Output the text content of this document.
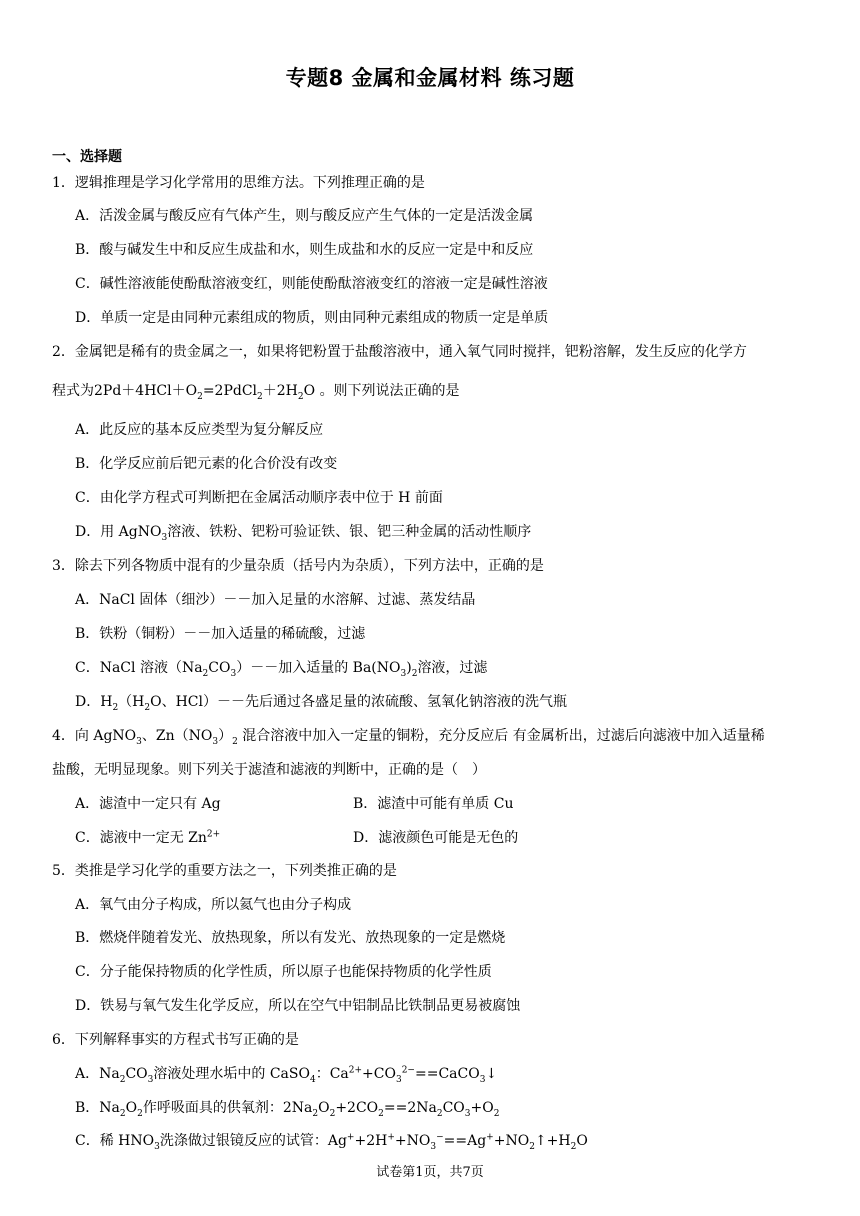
专题8 金属和金属材料 练习题
一、选择题
1．逻辑推理是学习化学常用的思维方法。下列推理正确的是
A．活泼金属与酸反应有气体产生，则与酸反应产生气体的一定是活泼金属
B．酸与碱发生中和反应生成盐和水，则生成盐和水的反应一定是中和反应
C．碱性溶液能使酚酞溶液变红，则能使酚酞溶液变红的溶液一定是碱性溶液
D．单质一定是由同种元素组成的物质，则由同种元素组成的物质一定是单质
2．金属钯是稀有的贵金属之一，如果将钯粉置于盐酸溶液中，通入氧气同时搅拌，钯粉溶解，发生反应的化学方
程式为$2Pd+4HCl+O_2=2PdCl_2+2H_2O$ 。则下列说法正确的是
A．此反应的基本反应类型为复分解反应
B．化学反应前后钯元素的化合价没有改变
C．由化学方程式可判断把在金属活动顺序表中位于 H 前面
D．用 AgNO$_3$溶液、铁粉、钯粉可验证铁、银、钯三种金属的活动性顺序
3．除去下列各物质中混有的少量杂质（括号内为杂质），下列方法中，正确的是
A．NaCl 固体（细沙）－－加入足量的水溶解、过滤、蒸发结晶
B．铁粉（铜粉）－－加入适量的稀硫酸，过滤
C．NaCl 溶液$(Na_2CO_3)--$加入适量的 $Ba(NO_3)_2$溶液，过滤
D．$H_2(H_2O$、HCl）－－先后通过各盛足量的浓硫酸、氢氧化钠溶液的洗气瓶
4．向 AgNO$_3$、$Zn(NO_3)_2$ 混合溶液中加入一定量的铜粉，充分反应后 有金属析出，过滤后向滤液中加入适量稀
盐酸，无明显现象。则下列关于滤渣和滤液的判断中，正确的是（　）
A．滤渣中一定只有 Ag	B．滤渣中可能有单质 Cu
C．滤液中一定无 $Zn^{2+}$	D．滤液颜色可能是无色的
5．类推是学习化学的重要方法之一，下列类推正确的是
A．氧气由分子构成，所以氦气也由分子构成
B．燃烧伴随着发光、放热现象，所以有发光、放热现象的一定是燃烧
C．分子能保持物质的化学性质，所以原子也能保持物质的化学性质
D．铁易与氧气发生化学反应，所以在空气中铝制品比铁制品更易被腐蚀
6．下列解释事实的方程式书写正确的是
A．$Na_2CO_3$溶液处理水垢中的 CaSO$_4$：$Ca^{2+}+CO_3^{2-}==CaCO_3↓$
B．$Na_2O_2$作呼吸面具的供氧剂：$2Na_2O_2+2CO_2==2Na_2CO_3+O_2$
C．稀 $HNO_3$洗涤做过银镜反应的试管：$Ag^++2H^++NO_3^-==Ag^++NO_2↑+H_2O$
试卷第1页，共7页
